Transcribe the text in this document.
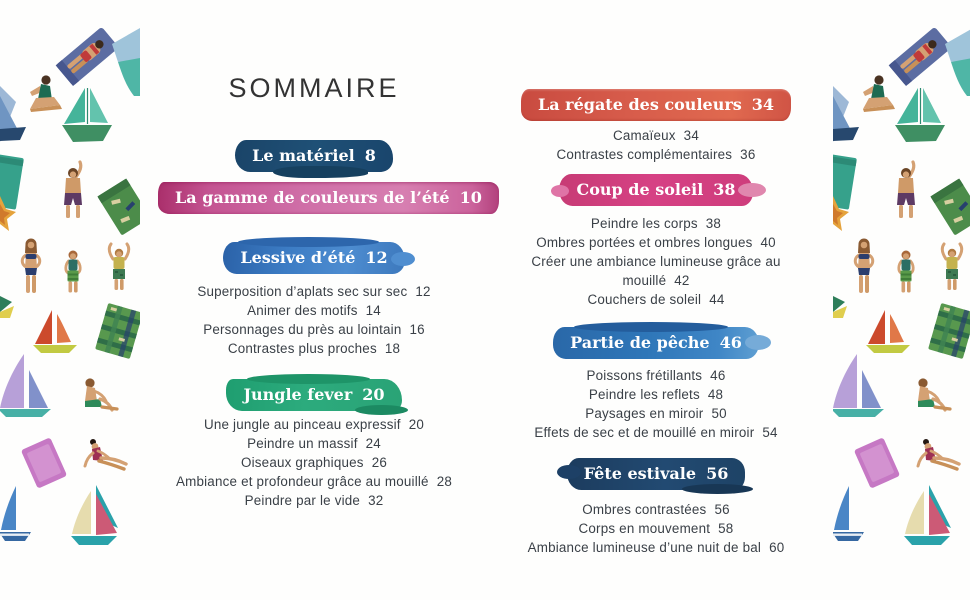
SOMMAIRE
Le matériel 8
La gamme de couleurs de l’été 10
Lessive d’été 12
Superposition d’aplats sec sur sec 12
Animer des motifs 14
Personnages du près au lointain 16
Contrastes plus proches 18
Jungle fever 20
Une jungle au pinceau expressif 20
Peindre un massif 24
Oiseaux graphiques 26
Ambiance et profondeur grâce au mouillé 28
Peindre par le vide 32
La régate des couleurs 34
Camaïeux 34
Contrastes complémentaires 36
Coup de soleil 38
Peindre les corps 38
Ombres portées et ombres longues 40
Créer une ambiance lumineuse grâce au mouillé 42
Couchers de soleil 44
Partie de pêche 46
Poissons frétillants 46
Peindre les reflets 48
Paysages en miroir 50
Effets de sec et de mouillé en miroir 54
Fête estivale 56
Ombres contrastées 56
Corps en mouvement 58
Ambiance lumineuse d’une nuit de bal 60
